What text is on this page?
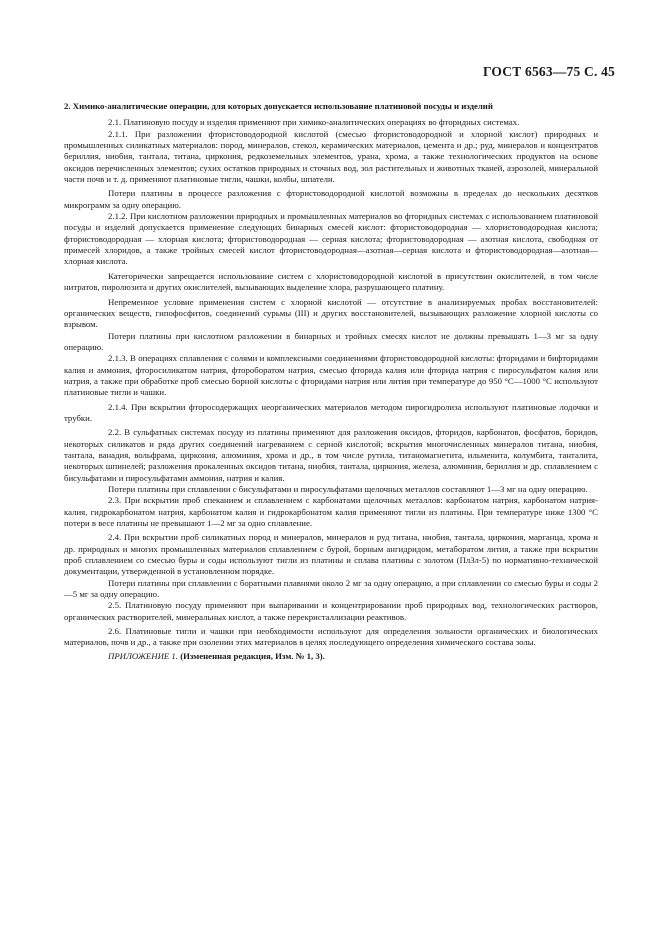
ГОСТ 6563—75 С. 45

2. Химико-аналитические операции, для которых допускается использование платиновой посуды и изделий

2.1. Платиновую посуду и изделия применяют при химико-аналитических операциях во фторидных системах.

2.1.1. При разложении фтористоводородной кислотой (смесью фтористоводородной и хлорной кислот) природных и промышленных силикатных материалов: пород, минералов, стекол, керамических материалов, цемента и др.; руд, минералов и концентратов бериллия, ниобия, тантала, титана, циркония, редкоземельных элементов, урана, хрома, а также технологических продуктов на основе оксидов перечисленных элементов; сухих остатков природных и сточных вод, зол растительных и животных тканей, аэрозолей, минеральной части почв и т. д. применяют платиновые тигли, чашки, колбы, шпатели.

Потери платины в процессе разложения с фтористоводородной кислотой возможны в пределах до нескольких десятков микрограмм за одну операцию.

2.1.2. При кислотном разложении природных и промышленных материалов во фторидных системах с использованием платиновой посуды и изделий допускается применение следующих бинарных смесей кислот: фтористоводородная — хлористоводородная кислота; фтористоводородная — хлорная кислота; фтористоводородная — серная кислота; фтористоводородная — азотная кислота, свободная от примесей хлоридов, а также тройных смесей кислот фтористоводородная—азотная—серная кислота и фтористоводородная—азотная—хлорная кислота.

Категорически запрещается использование систем с хлористоводородной кислотой в присутствии окислителей, в том числе нитратов, пиролюзита и других окислителей, вызывающих выделение хлора, разрушающего платину.

Непременное условие применения систем с хлорной кислотой — отсутствие в анализируемых пробах восстановителей: органических веществ, гипофосфитов, соединений сурьмы (III) и других восстановителей, вызывающих разложение хлорной кислоты со взрывом.

Потери платины при кислотном разложении в бинарных и тройных смесях кислот не должны превышать 1—3 мг за одну операцию.

2.1.3. В операциях сплавления с солями и комплексными соединениями фтористоводородной кислоты: фторидами и бифторидами калия и аммония, фторосиликатом натрия, фтороборатом натрия, смесью фторида калия или фторида натрия с пиросульфатом калия или натрия, а также при обработке проб смесью борной кислоты с фторидами натрия или лития при температуре до 950 °С—1000 °С используют платиновые тигли и чашки.

2.1.4. При вскрытии фторосодержащих неорганических материалов методом пирогидролиза используют платиновые лодочки и трубки.

2.2. В сульфатных системах посуду из платины применяют для разложения оксидов, фторидов, карбонатов, фосфатов, боридов, некоторых силикатов и ряда других соединений нагреванием с серной кислотой; вскрытия многочисленных минералов титана, ниобия, тантала, ванадия, вольфрама, циркония, алюминия, хрома и др., в том числе рутила, титаномагнетита, ильменита, колумбита, танталита, некоторых шпинелей; разложения прокаленных оксидов титана, ниобия, тантала, циркония, железа, алюминия, бериллия и др. сплавлением с бисульфатами и пиросульфатами аммония, натрия и калия.

Потери платины при сплавлении с бисульфатами и пиросульфатами щелочных металлов составляют 1—3 мг на одну операцию.

2.3. При вскрытии проб спеканием и сплавлением с карбонатами щелочных металлов: карбонатом натрия, карбонатом натрия-калия, гидрокарбонатом натрия, карбонатом калия и гидрокарбонатом калия применяют тигли из платины. При температуре ниже 1300 °С потери в весе платины не превышают 1—2 мг за одно сплавление.

2.4. При вскрытии проб силикатных пород и минералов, минералов и руд титана, ниобия, тантала, циркония, марганца, хрома и др. природных и многих промышленных материалов сплавлением с бурой, борным ангидридом, метаборатом лития, а также при вскрытии проб сплавлением со смесью буры и соды используют тигли из платины и сплава платины с золотом (ПлЗл-5) по нормативно-технической документации, утвержденной в установленном порядке.

Потери платины при сплавлении с боратными плавнями около 2 мг за одну операцию, а при сплавлении со смесью буры и соды 2—5 мг за одну операцию.

2.5. Платиновую посуду применяют при выпаривании и концентрировании проб природных вод, технологических растворов, органических растворителей, минеральных кислот, а также перекристаллизации реактивов.

2.6. Платиновые тигли и чашки при необходимости используют для определения зольности органических и биологических материалов, почв и др., а также при озолении этих материалов в целях последующего определения химического состава золы.

ПРИЛОЖЕНИЕ 1. (Измененная редакция, Изм. № 1, 3).
